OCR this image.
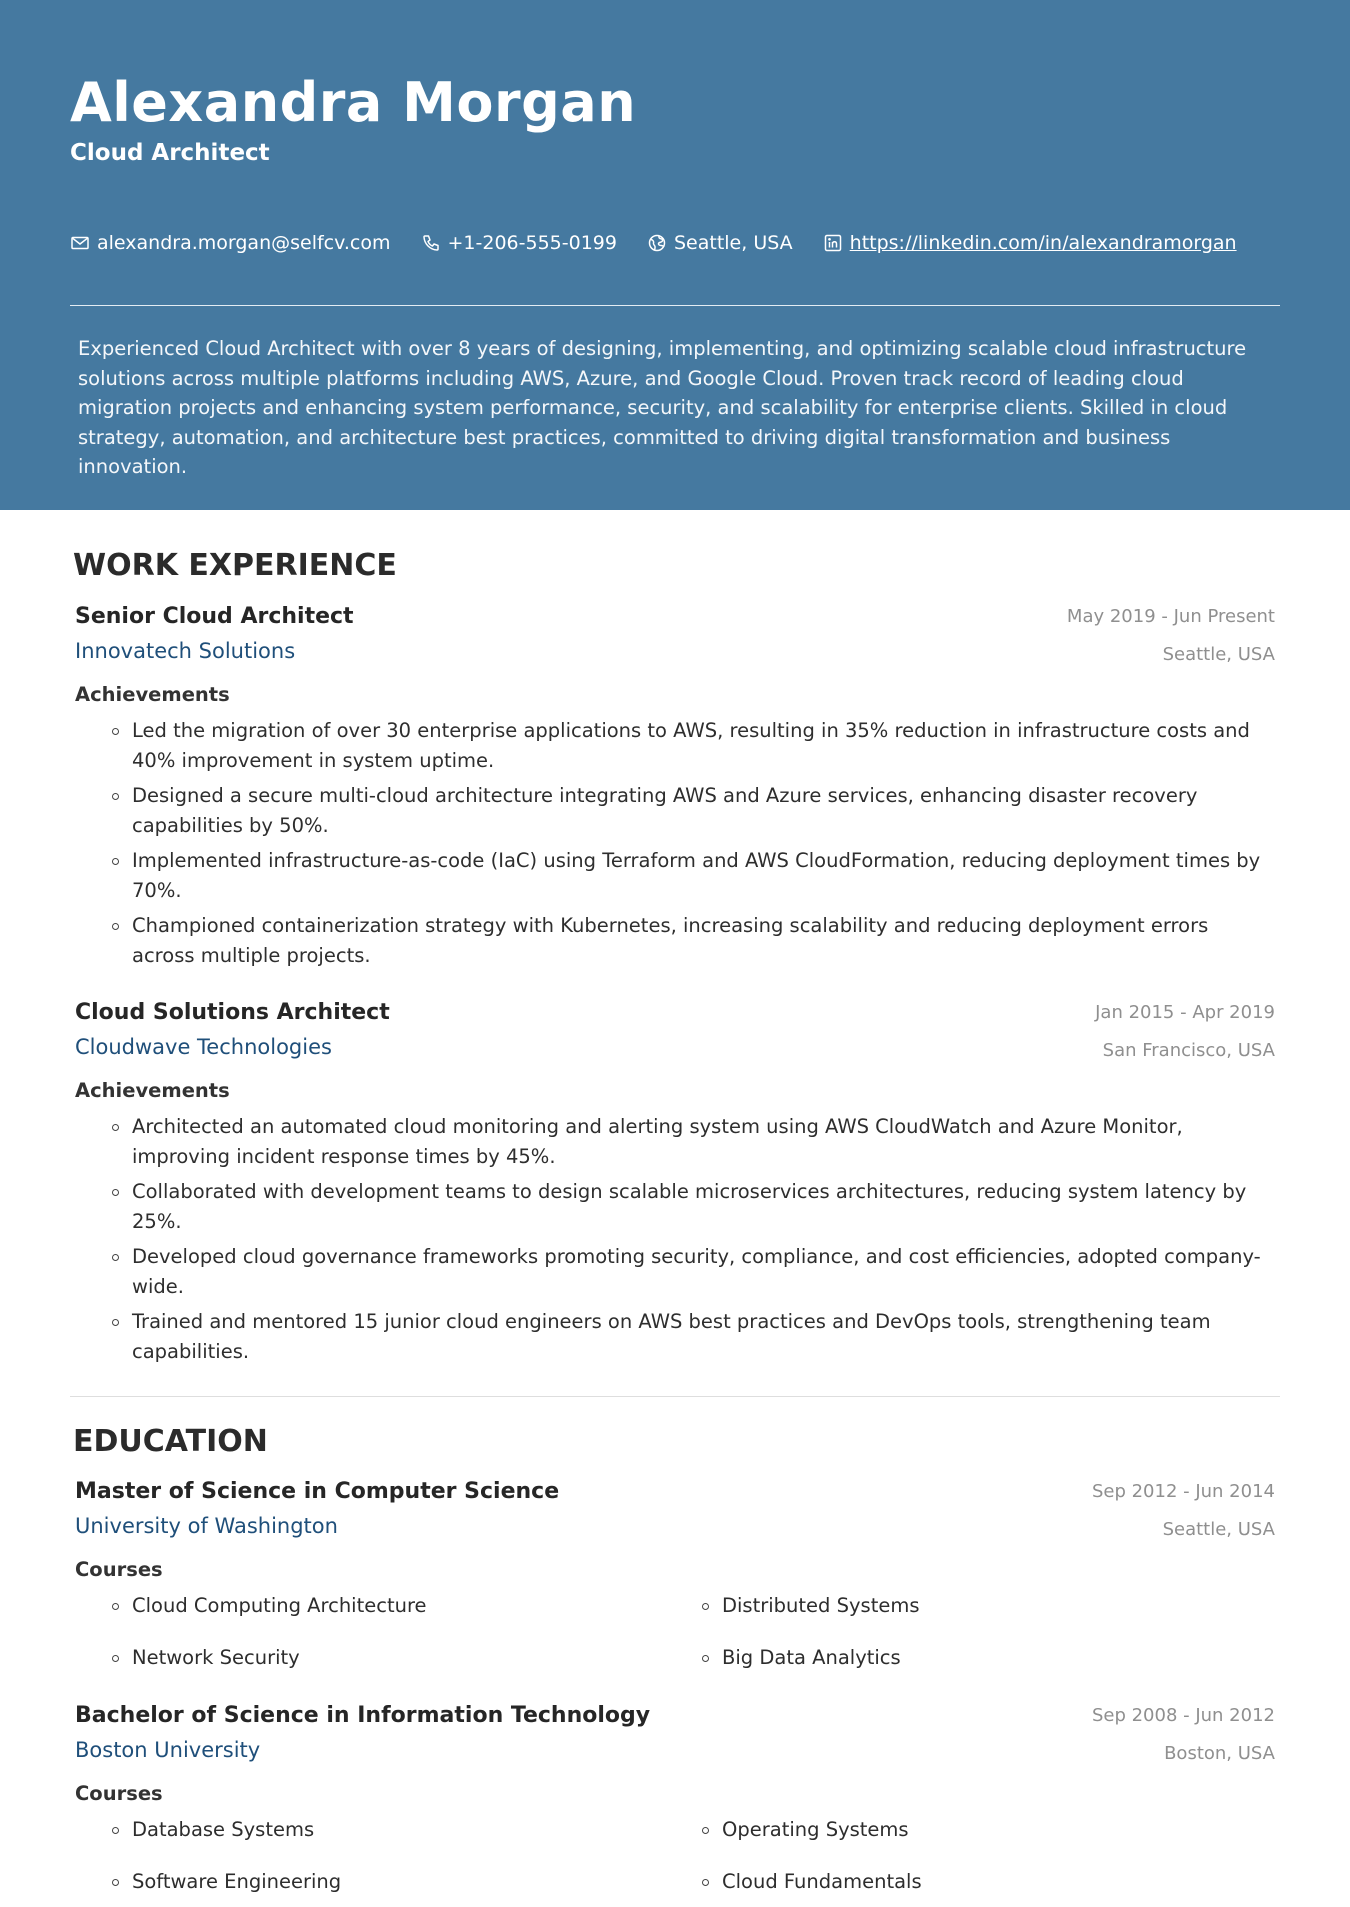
Alexandra Morgan
Cloud Architect
alexandra.morgan@selfcv.com	+1-206-555-0199	Seattle, USA	https://linkedin.com/in/alexandramorgan
Experienced Cloud Architect with over 8 years of designing, implementing, and optimizing scalable cloud infrastructure solutions across multiple platforms including AWS, Azure, and Google Cloud. Proven track record of leading cloud migration projects and enhancing system performance, security, and scalability for enterprise clients. Skilled in cloud strategy, automation, and architecture best practices, committed to driving digital transformation and business innovation.
WORK EXPERIENCE
Senior Cloud Architect
Innovatech Solutions
May 2019 - Jun Present
Seattle, USA
Achievements
Led the migration of over 30 enterprise applications to AWS, resulting in 35% reduction in infrastructure costs and 40% improvement in system uptime.
Designed a secure multi-cloud architecture integrating AWS and Azure services, enhancing disaster recovery capabilities by 50%.
Implemented infrastructure-as-code (IaC) using Terraform and AWS CloudFormation, reducing deployment times by 70%.
Championed containerization strategy with Kubernetes, increasing scalability and reducing deployment errors across multiple projects.
Cloud Solutions Architect
Cloudwave Technologies
Jan 2015 - Apr 2019
San Francisco, USA
Achievements
Architected an automated cloud monitoring and alerting system using AWS CloudWatch and Azure Monitor, improving incident response times by 45%.
Collaborated with development teams to design scalable microservices architectures, reducing system latency by 25%.
Developed cloud governance frameworks promoting security, compliance, and cost efficiencies, adopted company-wide.
Trained and mentored 15 junior cloud engineers on AWS best practices and DevOps tools, strengthening team capabilities.
EDUCATION
Master of Science in Computer Science
University of Washington
Sep 2012 - Jun 2014
Seattle, USA
Courses
Cloud Computing Architecture	Distributed Systems
Network Security	Big Data Analytics
Bachelor of Science in Information Technology
Boston University
Sep 2008 - Jun 2012
Boston, USA
Courses
Database Systems	Operating Systems
Software Engineering	Cloud Fundamentals
